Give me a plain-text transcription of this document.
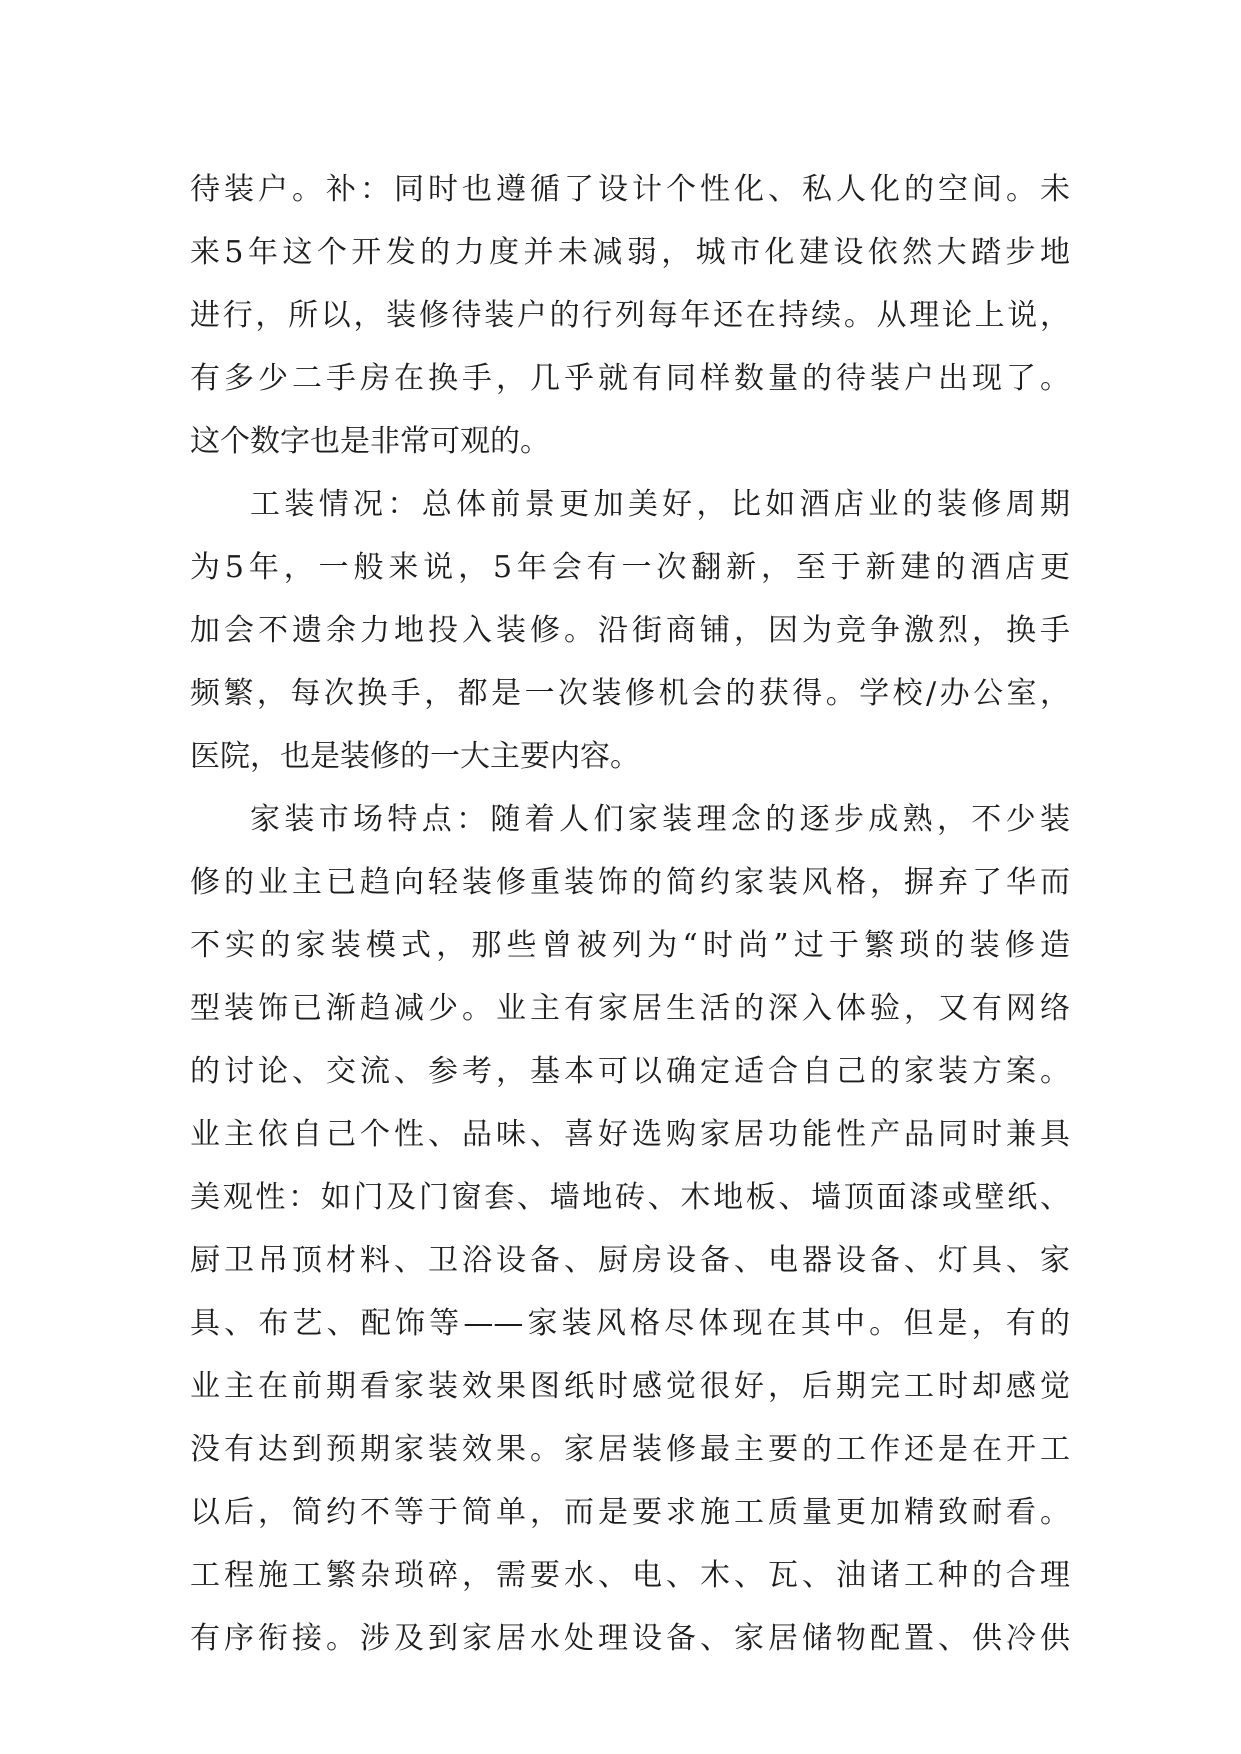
待装户。补：同时也遵循了设计个性化、私人化的空间。未
来5年这个开发的力度并未减弱，城市化建设依然大踏步地
进行，所以，装修待装户的行列每年还在持续。从理论上说，
有多少二手房在换手，几乎就有同样数量的待装户出现了。
这个数字也是非常可观的。
工装情况：总体前景更加美好，比如酒店业的装修周期
为5年，一般来说，5年会有一次翻新，至于新建的酒店更
加会不遗余力地投入装修。沿街商铺，因为竞争激烈，换手
频繁，每次换手，都是一次装修机会的获得。学校/办公室，
医院，也是装修的一大主要内容。
家装市场特点：随着人们家装理念的逐步成熟，不少装
修的业主已趋向轻装修重装饰的简约家装风格，摒弃了华而
不实的家装模式，那些曾被列为“时尚”过于繁琐的装修造
型装饰已渐趋减少。业主有家居生活的深入体验，又有网络
的讨论、交流、参考，基本可以确定适合自己的家装方案。
业主依自己个性、品味、喜好选购家居功能性产品同时兼具
美观性：如门及门窗套、墙地砖、木地板、墙顶面漆或壁纸、
厨卫吊顶材料、卫浴设备、厨房设备、电器设备、灯具、家
具、布艺、配饰等——家装风格尽体现在其中。但是，有的
业主在前期看家装效果图纸时感觉很好，后期完工时却感觉
没有达到预期家装效果。家居装修最主要的工作还是在开工
以后，简约不等于简单，而是要求施工质量更加精致耐看。
工程施工繁杂琐碎，需要水、电、木、瓦、油诸工种的合理
有序衔接。涉及到家居水处理设备、家居储物配置、供冷供
